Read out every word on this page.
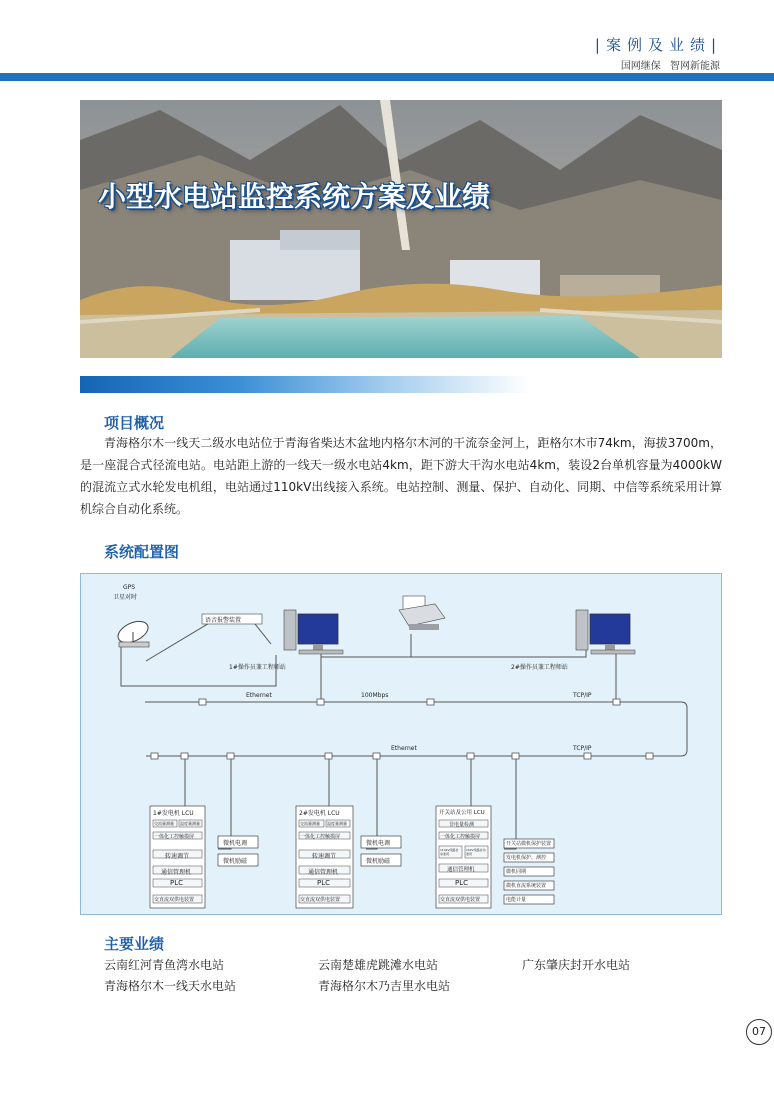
|案例及业绩|
国网继保 智网新能源
小型水电站监控系统方案及业绩
项目概况
青海格尔木一线天二级水电站位于青海省柴达木盆地内格尔木河的干流奈金河上，距格尔木市74km，海拔3700m，是一座混合式径流电站。电站距上游的一线天一级水电站4km，距下游大干沟水电站4km，装设2台单机容量为4000kW的混流立式水轮发电机组，电站通过110kV出线接入系统。电站控制、测量、保护、自动化、同期、中信等系统采用计算机综合自动化系统。
系统配置图
GPS
卫星对时
语音报警装置
1#操作员兼工程师站	2#操作员兼工程师站
Ethernet	100Mbps	TCP/IP
Ethernet	TCP/IP
1#发电机 LCU
交流量测量 温度量测量
一体化工控触摸屏
转速调节
通信管理机
PLC
交直流双供电装置
微机电调
微机励磁
2#发电机 LCU
交流量测量 温度量测量
一体化工控触摸屏
转速调节
通信管理机
PLC
交直流双供电装置
微机电调
微机励磁
开关站及公用 LCU
非电量检测
一体化工控触摸屏
110kV线路自动准同
10kV线路自动准同
通信管理机
PLC
交直流双供电装置
开关站微机保护装置
发电机保护、测控
微机同期
微机直流系统装置
电能计量
主要业绩
云南红河青鱼湾水电站	云南楚雄虎跳滩水电站	广东肇庆封开水电站
青海格尔木一线天水电站	青海格尔木乃吉里水电站
07
